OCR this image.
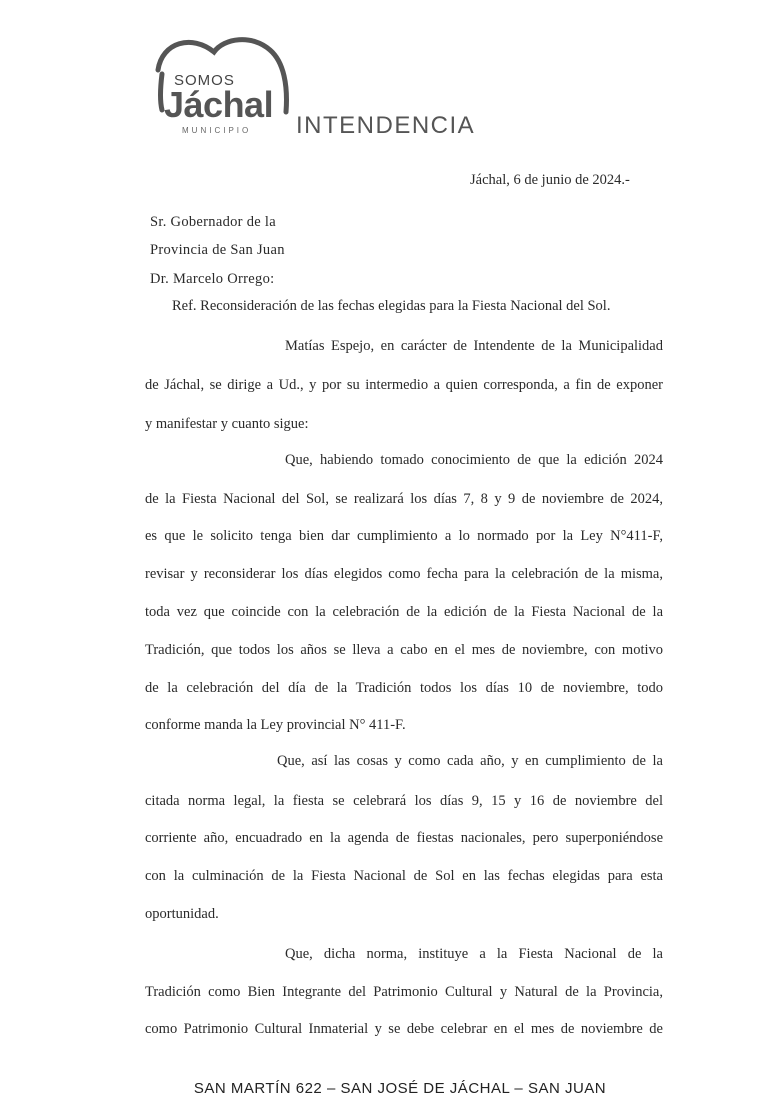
SOMOS
Jáchal
MUNICIPIO INTENDENCIA
Jáchal, 6 de junio de 2024.-
Sr. Gobernador de la
Provincia de San Juan
Dr. Marcelo Orrego:
Ref. Reconsideración de las fechas elegidas para la Fiesta Nacional del Sol.
Matías Espejo, en carácter de Intendente de la Municipalidad
de Jáchal, se dirige a Ud., y por su intermedio a quien corresponda, a fin de exponer
y manifestar y cuanto sigue:
Que, habiendo tomado conocimiento de que la edición 2024
de la Fiesta Nacional del Sol, se realizará los días 7, 8 y 9 de noviembre de 2024,
es que le solicito tenga bien dar cumplimiento a lo normado por la Ley N°411-F,
revisar y reconsiderar los días elegidos como fecha para la celebración de la misma,
toda vez que coincide con la celebración de la edición de la Fiesta Nacional de la
Tradición, que todos los años se lleva a cabo en el mes de noviembre, con motivo
de la celebración del día de la Tradición todos los días 10 de noviembre, todo
conforme manda la Ley provincial N° 411-F.
Que, así las cosas y como cada año, y en cumplimiento de la
citada norma legal, la fiesta se celebrará los días 9, 15 y 16 de noviembre del
corriente año, encuadrado en la agenda de fiestas nacionales, pero superponiéndose
con la culminación de la Fiesta Nacional de Sol en las fechas elegidas para esta
oportunidad.
Que, dicha norma, instituye a la Fiesta Nacional de la
Tradición como Bien Integrante del Patrimonio Cultural y Natural de la Provincia,
como Patrimonio Cultural Inmaterial y se debe celebrar en el mes de noviembre de
SAN MARTÍN 622 – SAN JOSÉ DE JÁCHAL – SAN JUAN
